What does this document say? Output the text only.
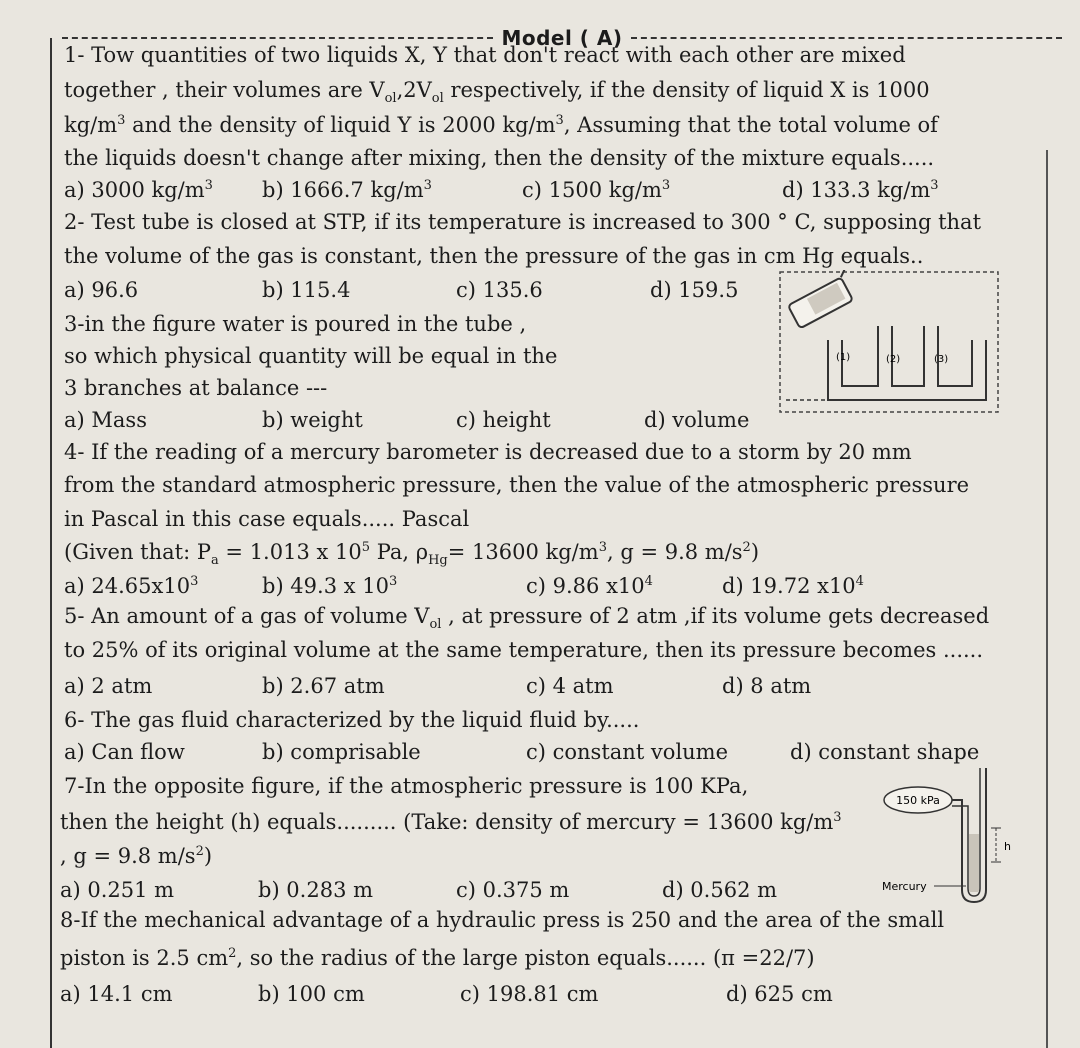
Model ( A)
1- Tow quantities of two liquids X, Y that don't react with each other are mixed
together , their volumes are $V_{ol},2V_{ol}$ respectively, if the density of liquid X is 1000
$kg/m^3$ and the density of liquid Y is 2000 $kg/m^3$, Assuming that the total volume of
the liquids doesn't change after mixing, then the density of the mixture equals.....
a) 3000 $kg/m^3$ b) 1666.7 $kg/m^3$	c) 1500 $kg/m^3$	d) 133.3 $kg/m^3$
2- Test tube is closed at STP, if its temperature is increased to 300 ° C, supposing that
the volume of the gas is constant, then the pressure of the gas in cm Hg equals..
a) 96.6	b) 115.4	c) 135.6	d) 159.5
3-in the figure water is poured in the tube ,
so which physical quantity will be equal in the
3 branches at balance ---
a) Mass	b) weight	c) height	d) volume
(1)	(2)	(3)
4- If the reading of a mercury barometer is decreased due to a storm by 20 mm
from the standard atmospheric pressure, then the value of the atmospheric pressure
in Pascal in this case equals..... Pascal
(Given that: $P_a = 1.013$ x $10^5$ Pa, $\rho_{Hg}= 13600$ $kg/m^3$, g = 9.8 $m/s^2$)
a) $24.65x10^3$	b) 49.3 x $10^3$	c) 9.86 $x10^4$	d) 19.72 $x10^4$
5- An amount of a gas of volume $V_{ol}$ , at pressure of 2 atm ,if its volume gets decreased
to 25% of its original volume at the same temperature, then its pressure becomes ......
a) 2 atm	b) 2.67 atm	c) 4 atm	d) 8 atm
6- The gas fluid characterized by the liquid fluid by.....
a) Can flow	b) comprisable	c) constant volume	d) constant shape
7-In the opposite figure, if the atmospheric pressure is 100 KPa,
then the height (h) equals......... (Take: density of mercury = 13600 $kg/m^3$
, g = 9.8 $m/s^2$)
a) 0.251 m	b) 0.283 m	c) 0.375 m	d) 0.562 m
150 kPa
h
Mercury
8-If the mechanical advantage of a hydraulic press is 250 and the area of the small
piston is 2.5 $cm^2$, so the radius of the large piston equals...... (π =22/7)
a) 14.1 cm	b) 100 cm	c) 198.81 cm	d) 625 cm
